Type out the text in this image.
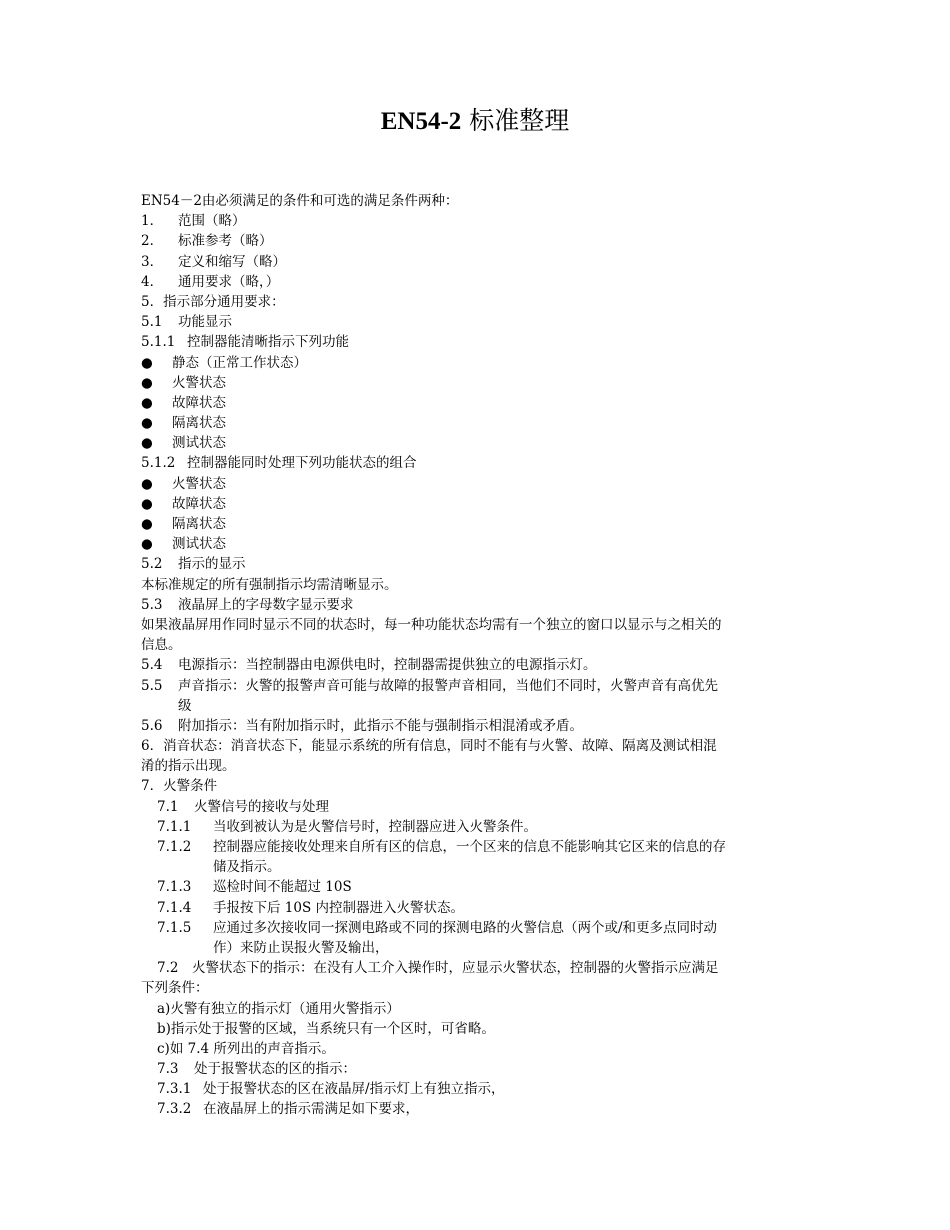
EN54-2 标准整理
EN54－2由必须满足的条件和可选的满足条件两种：
1． 范围（略）
2． 标准参考（略）
3． 定义和缩写（略）
4． 通用要求（略，）
5．指示部分通用要求：
5.1 功能显示
5.1.1 控制器能清晰指示下列功能
● 静态（正常工作状态）
● 火警状态
● 故障状态
● 隔离状态
● 测试状态
5.1.2 控制器能同时处理下列功能状态的组合
● 火警状态
● 故障状态
● 隔离状态
● 测试状态
5.2 指示的显示
本标准规定的所有强制指示均需清晰显示。
5.3 液晶屏上的字母数字显示要求
如果液晶屏用作同时显示不同的状态时，每一种功能状态均需有一个独立的窗口以显示与之相关的
信息。
5.4 电源指示：当控制器由电源供电时，控制器需提供独立的电源指示灯。
5.5 声音指示：火警的报警声音可能与故障的报警声音相同，当他们不同时，火警声音有高优先
级
5.6 附加指示：当有附加指示时，此指示不能与强制指示相混淆或矛盾。
6．消音状态：消音状态下，能显示系统的所有信息，同时不能有与火警、故障、隔离及测试相混
淆的指示出现。
7．火警条件
7.1 火警信号的接收与处理
7.1.1 当收到被认为是火警信号时，控制器应进入火警条件。
7.1.2 控制器应能接收处理来自所有区的信息，一个区来的信息不能影响其它区来的信息的存
储及指示。
7.1.3 巡检时间不能超过 10S
7.1.4 手报按下后 10S 内控制器进入火警状态。
7.1.5 应通过多次接收同一探测电路或不同的探测电路的火警信息（两个或/和更多点同时动
作）来防止误报火警及输出，
7.2　火警状态下的指示：在没有人工介入操作时，应显示火警状态，控制器的火警指示应满足
下列条件：
a)火警有独立的指示灯（通用火警指示）
b)指示处于报警的区域，当系统只有一个区时，可省略。
c)如 7.4 所列出的声音指示。
7.3 处于报警状态的区的指示：
7.3.1 处于报警状态的区在液晶屏/指示灯上有独立指示，
7.3.2 在液晶屏上的指示需满足如下要求，
